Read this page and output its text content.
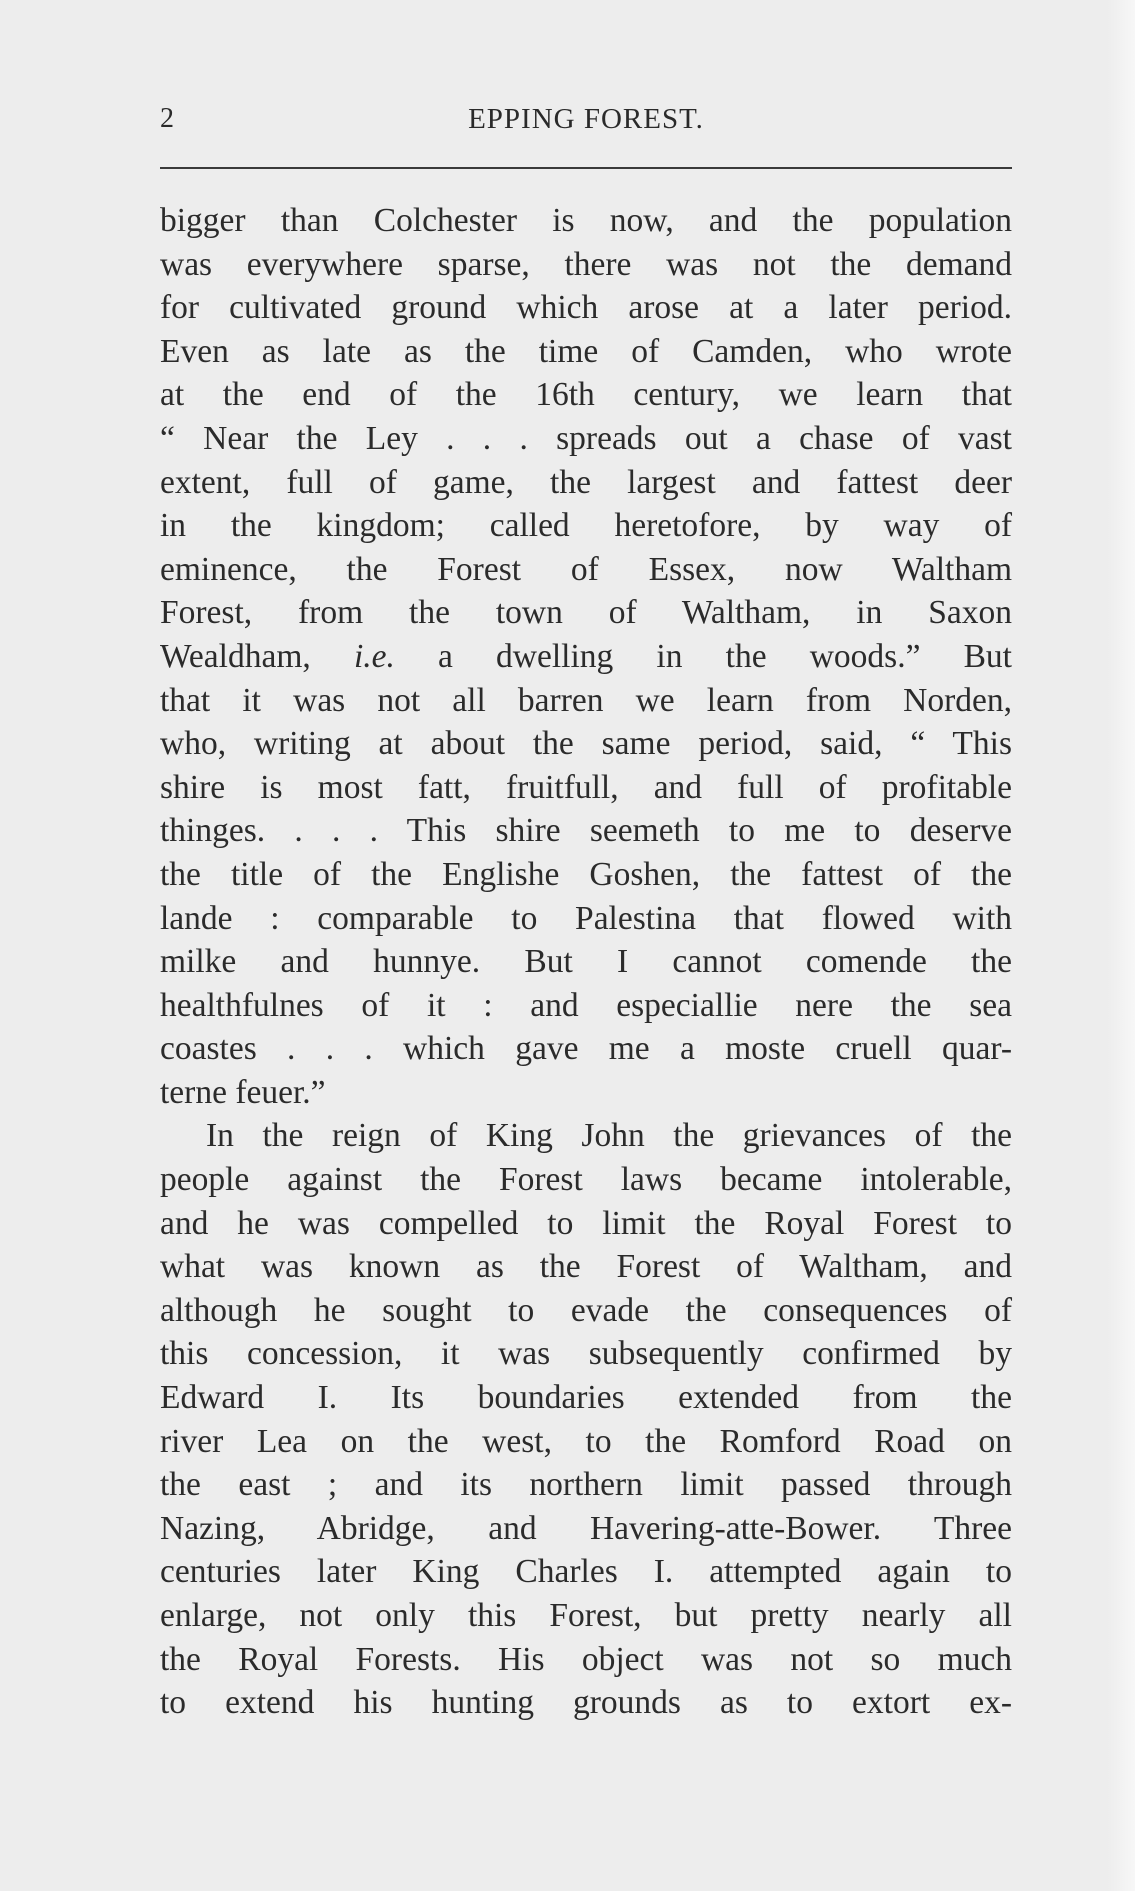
2	EPPING FOREST.

bigger than Colchester is now, and the population
was everywhere sparse, there was not the demand
for cultivated ground which arose at a later period.
Even as late as the time of Camden, who wrote
at the end of the 16th century, we learn that
“ Near the Ley . . . spreads out a chase of vast
extent, full of game, the largest and fattest deer
in the kingdom; called heretofore, by way of
eminence, the Forest of Essex, now Waltham
Forest, from the town of Waltham, in Saxon
Wealdham, i.e. a dwelling in the woods.” But
that it was not all barren we learn from Norden,
who, writing at about the same period, said, “ This
shire is most fatt, fruitfull, and full of profitable
thinges. . . . This shire seemeth to me to deserve
the title of the Englishe Goshen, the fattest of the
lande : comparable to Palestina that flowed with
milke and hunnye. But I cannot comende the
healthfulnes of it : and especiallie nere the sea
coastes . . . which gave me a moste cruell quar-
terne feuer.”

In the reign of King John the grievances of the
people against the Forest laws became intolerable,
and he was compelled to limit the Royal Forest to
what was known as the Forest of Waltham, and
although he sought to evade the consequences of
this concession, it was subsequently confirmed by
Edward I. Its boundaries extended from the
river Lea on the west, to the Romford Road on
the east ; and its northern limit passed through
Nazing, Abridge, and Havering-atte-Bower. Three
centuries later King Charles I. attempted again to
enlarge, not only this Forest, but pretty nearly all
the Royal Forests. His object was not so much
to extend his hunting grounds as to extort ex-
